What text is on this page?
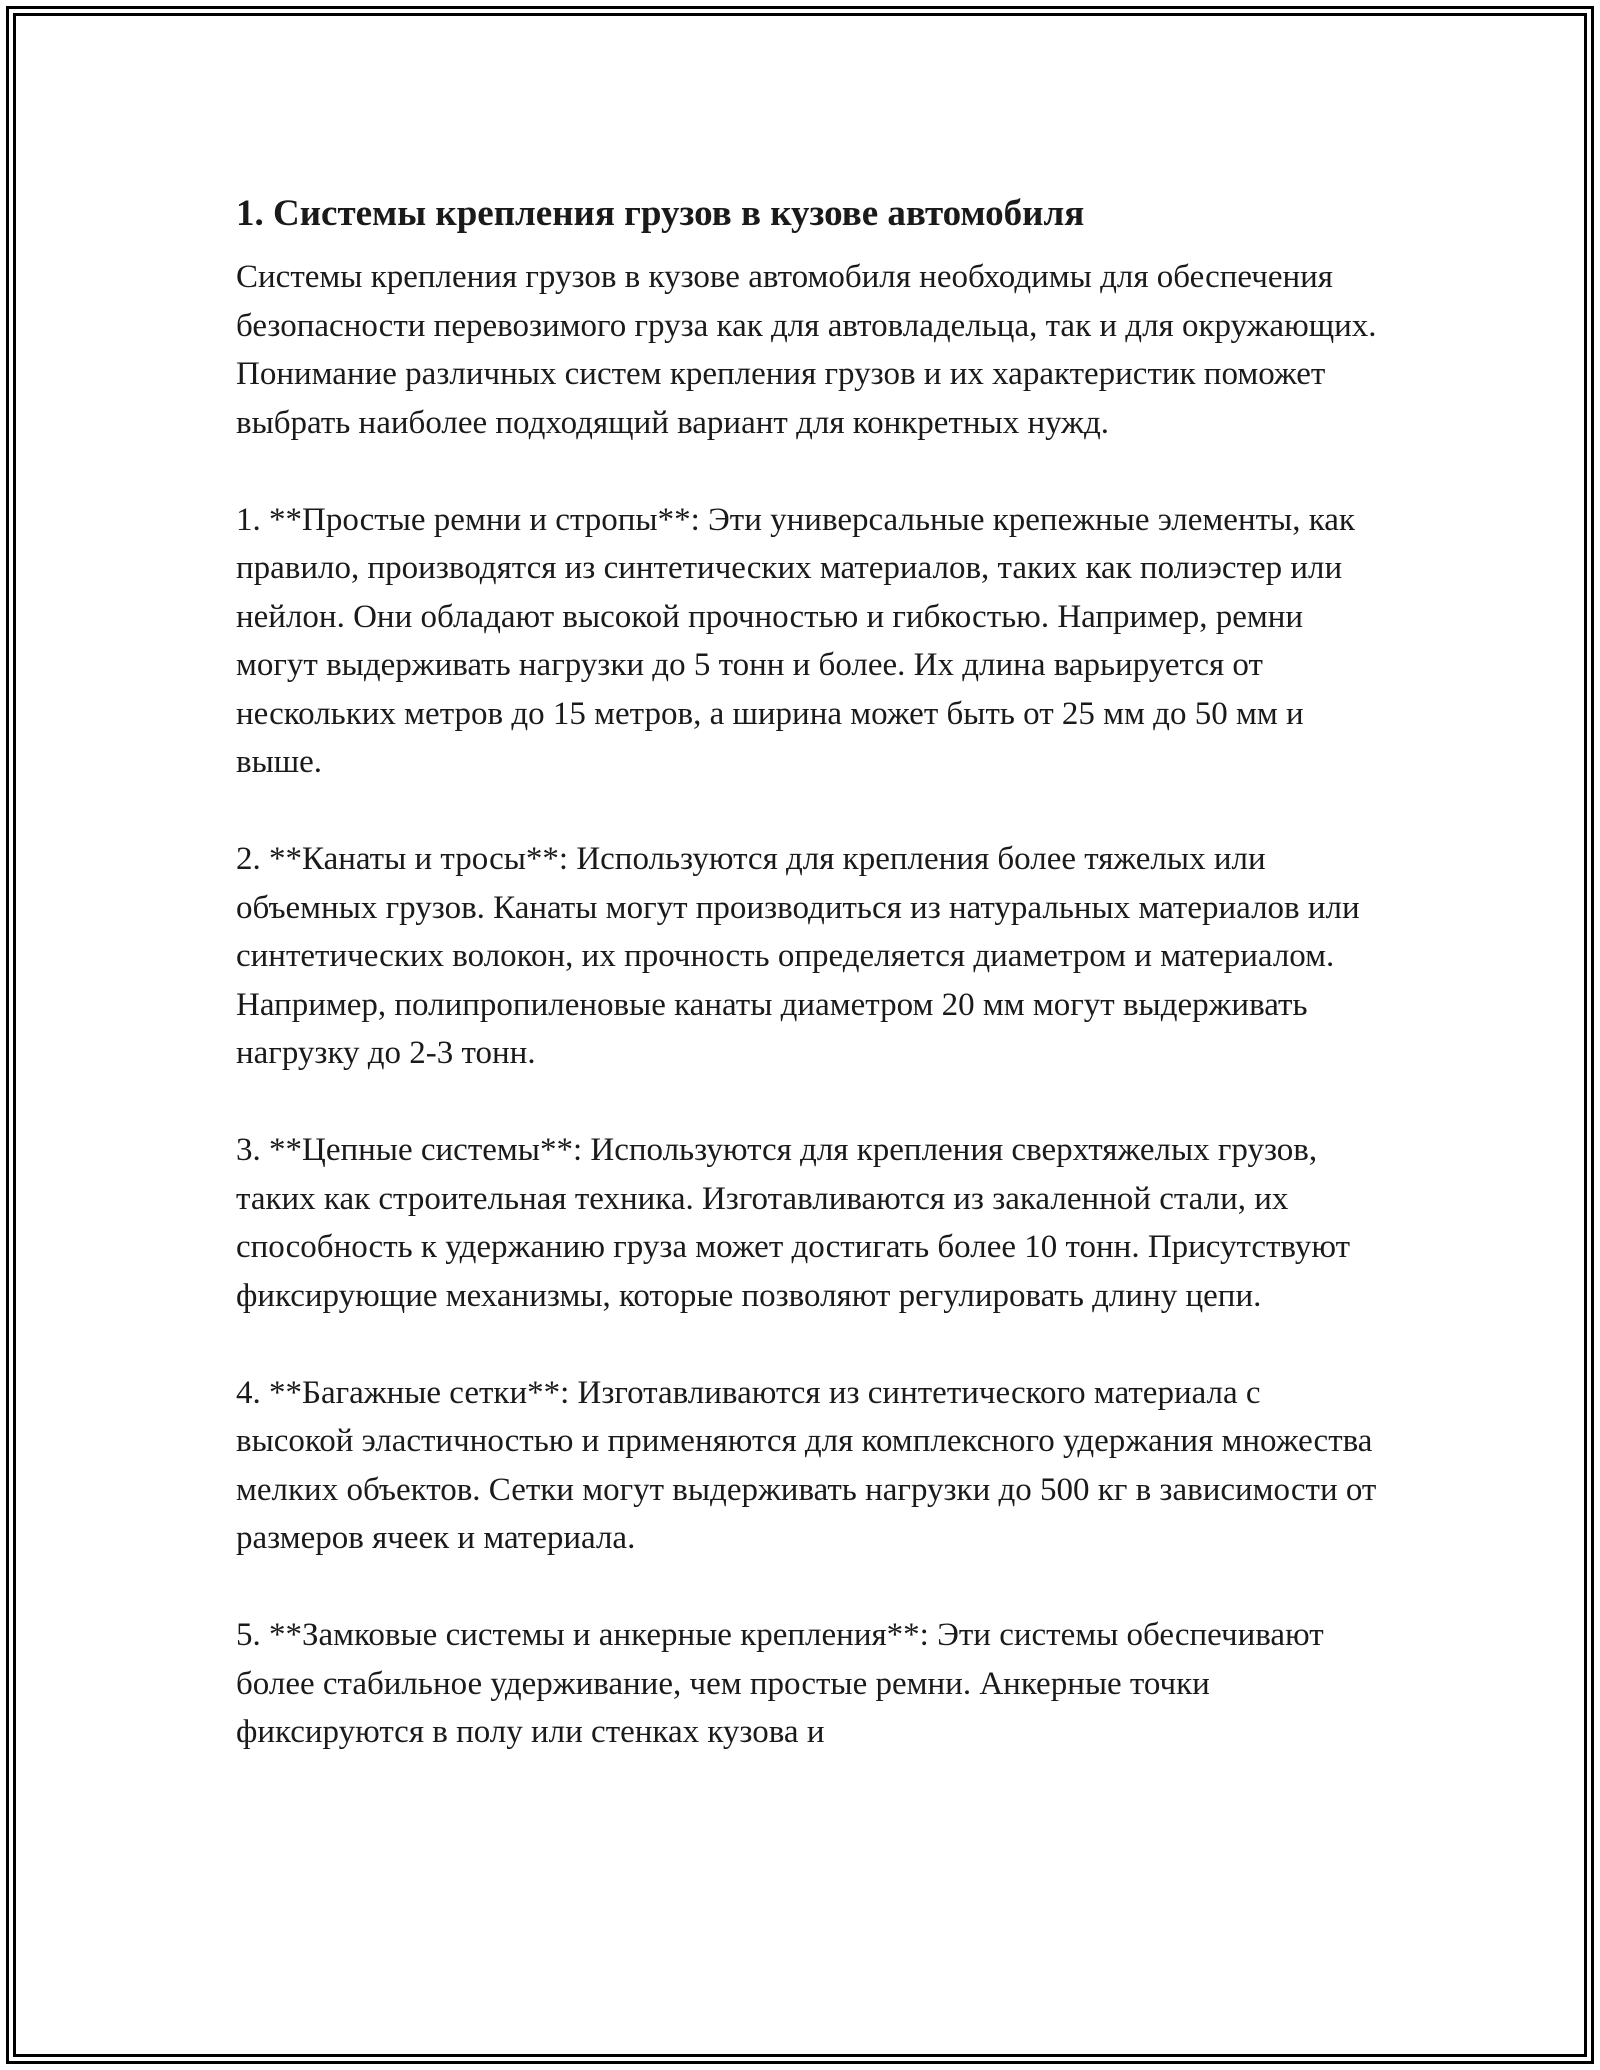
1. Системы крепления грузов в кузове автомобиля

Системы крепления грузов в кузове автомобиля необходимы для обеспечения безопасности перевозимого груза как для автовладельца, так и для окружающих. Понимание различных систем крепления грузов и их характеристик поможет выбрать наиболее подходящий вариант для конкретных нужд.

1. **Простые ремни и стропы**: Эти универсальные крепежные элементы, как правило, производятся из синтетических материалов, таких как полиэстер или нейлон. Они обладают высокой прочностью и гибкостью. Например, ремни могут выдерживать нагрузки до 5 тонн и более. Их длина варьируется от нескольких метров до 15 метров, а ширина может быть от 25 мм до 50 мм и выше.

2. **Канаты и тросы**: Используются для крепления более тяжелых или объемных грузов. Канаты могут производиться из натуральных материалов или синтетических волокон, их прочность определяется диаметром и материалом. Например, полипропиленовые канаты диаметром 20 мм могут выдерживать нагрузку до 2-3 тонн.

3. **Цепные системы**: Используются для крепления сверхтяжелых грузов, таких как строительная техника. Изготавливаются из закаленной стали, их способность к удержанию груза может достигать более 10 тонн. Присутствуют фиксирующие механизмы, которые позволяют регулировать длину цепи.

4. **Багажные сетки**: Изготавливаются из синтетического материала с высокой эластичностью и применяются для комплексного удержания множества мелких объектов. Сетки могут выдерживать нагрузки до 500 кг в зависимости от размеров ячеек и материала.

5. **Замковые системы и анкерные крепления**: Эти системы обеспечивают более стабильное удерживание, чем простые ремни. Анкерные точки фиксируются в полу или стенках кузова и
